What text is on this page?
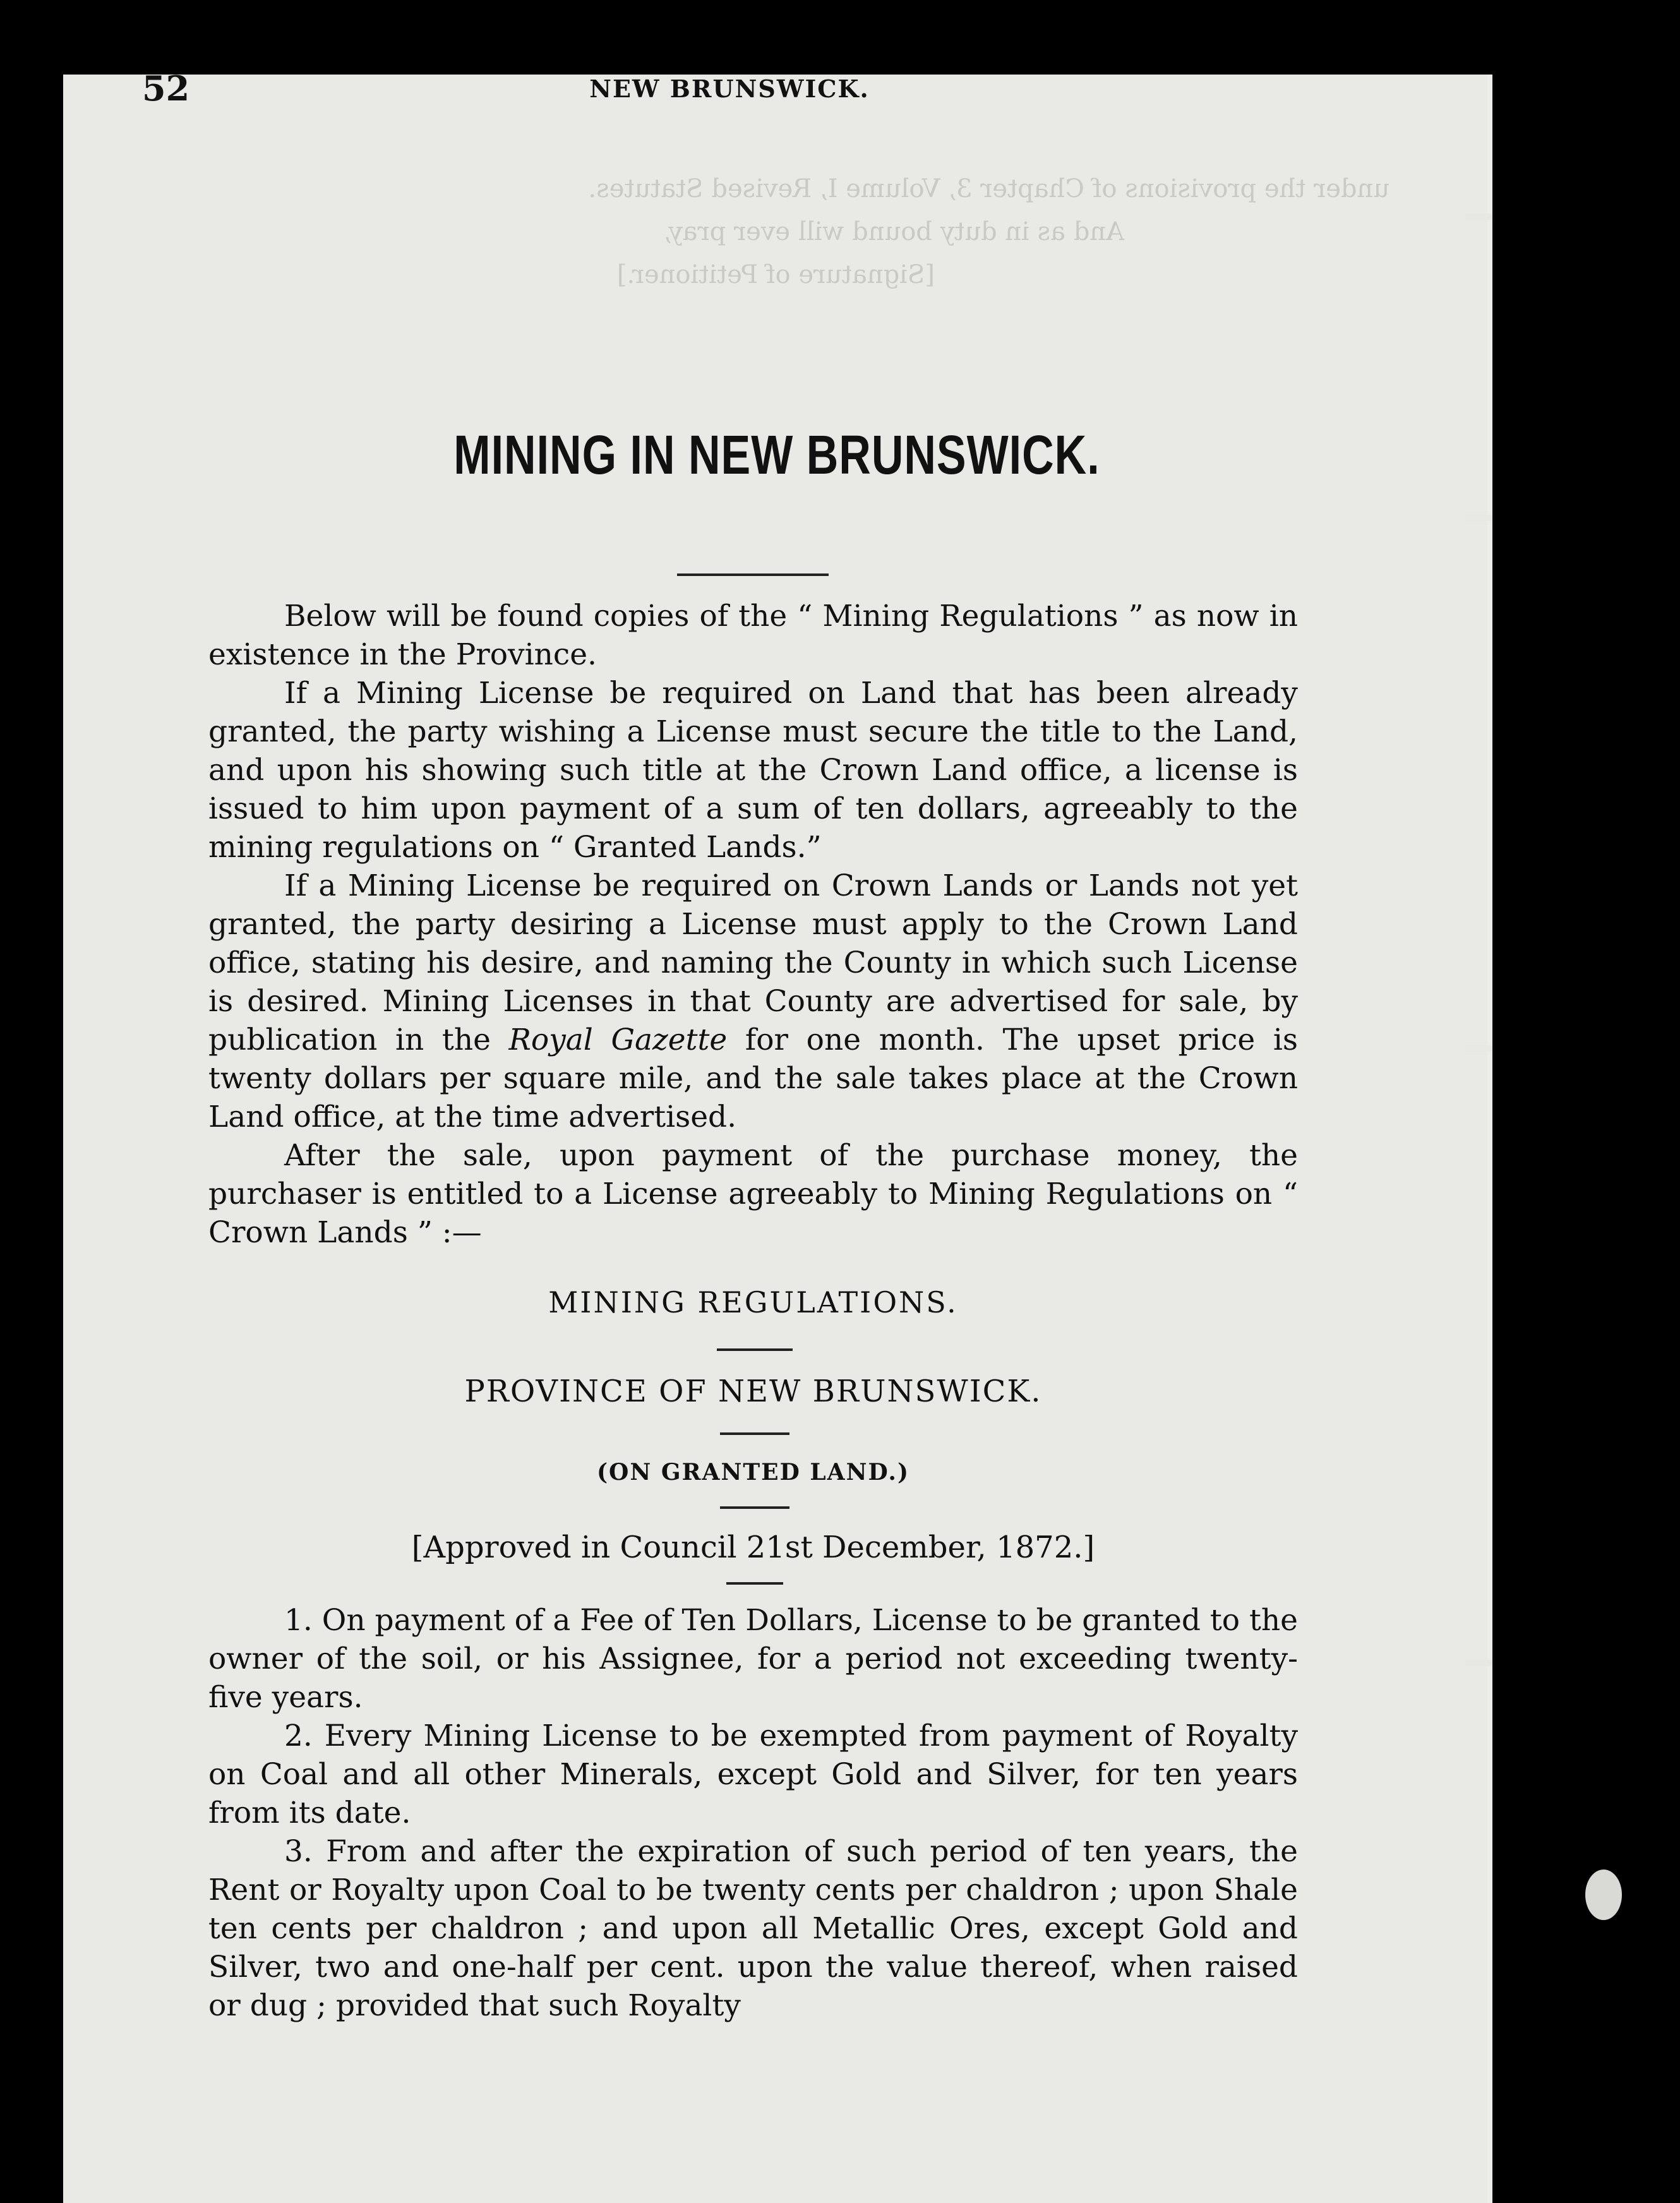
under the provisions of Chapter 3, Volume I, Revised Statutes.
And as in duty bound will ever pray,
[Signature of Petitioner.]
52	NEW BRUNSWICK.
MINING IN NEW BRUNSWICK.

Below will be found copies of the “ Mining Regulations ” as now in existence in the Province.

If a Mining License be required on Land that has been already granted, the party wishing a License must secure the title to the Land, and upon his showing such title at the Crown Land office, a license is issued to him upon payment of a sum of ten dollars, agreeably to the mining regulations on “ Granted Lands.”

If a Mining License be required on Crown Lands or Lands not yet granted, the party desiring a License must apply to the Crown Land office, stating his desire, and naming the County in which such License is desired. Mining Licenses in that County are advertised for sale, by publication in the Royal Gazette for one month. The upset price is twenty dollars per square mile, and the sale takes place at the Crown Land office, at the time advertised.

After the sale, upon payment of the purchase money, the purchaser is entitled to a License agreeably to Mining Regulations on “ Crown Lands ” :—

MINING REGULATIONS.
PROVINCE OF NEW BRUNSWICK.
(ON GRANTED LAND.)
[Approved in Council 21st December, 1872.]

1. On payment of a Fee of Ten Dollars, License to be granted to the owner of the soil, or his Assignee, for a period not exceeding twenty-five years.

2. Every Mining License to be exempted from payment of Royalty on Coal and all other Minerals, except Gold and Silver, for ten years from its date.

3. From and after the expiration of such period of ten years, the Rent or Royalty upon Coal to be twenty cents per chaldron ; upon Shale ten cents per chaldron ; and upon all Metallic Ores, except Gold and Silver, two and one-half per cent. upon the value thereof, when raised or dug ; provided that such Royalty
